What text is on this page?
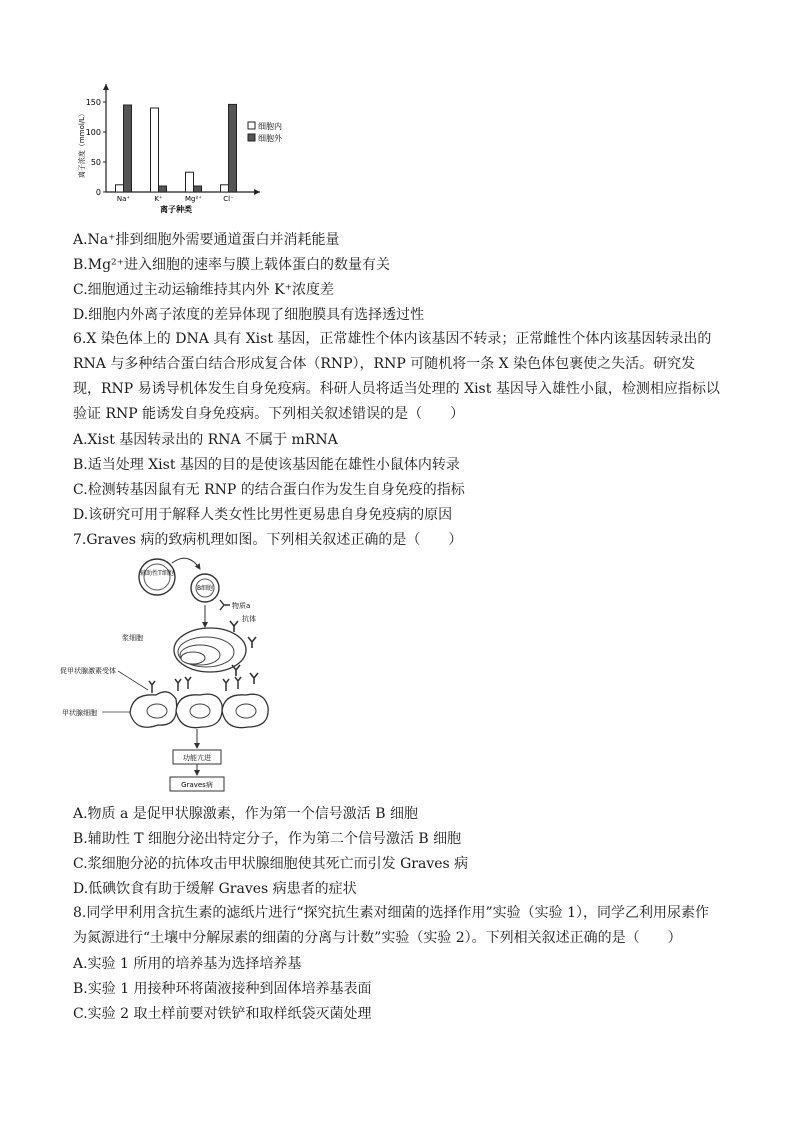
0
50
100
150
离子浓度（mmol/L）
Na⁺	K⁺	Mg²⁺	Cl⁻
离子种类
细胞内
细胞外
A.Na⁺排到细胞外需要通道蛋白并消耗能量
B.Mg²⁺进入细胞的速率与膜上载体蛋白的数量有关
C.细胞通过主动运输维持其内外 K⁺浓度差
D.细胞内外离子浓度的差异体现了细胞膜具有选择透过性
6.X 染色体上的 DNA 具有 Xist 基因，正常雄性个体内该基因不转录；正常雌性个体内该基因转录出的 RNA 与多种结合蛋白结合形成复合体（RNP），RNP 可随机将一条 X 染色体包裹使之失活。研究发现，RNP 易诱导机体发生自身免疫病。科研人员将适当处理的 Xist 基因导入雄性小鼠，检测相应指标以验证 RNP 能诱发自身免疫病。下列相关叙述错误的是（　　）
A.Xist 基因转录出的 RNA 不属于 mRNA
B.适当处理 Xist 基因的目的是使该基因能在雄性小鼠体内转录
C.检测转基因鼠有无 RNP 的结合蛋白作为发生自身免疫的指标
D.该研究可用于解释人类女性比男性更易患自身免疫病的原因
7.Graves 病的致病机理如图。下列相关叙述正确的是（　　）
辅助性T细胞
B细胞
物质a
浆细胞
抗体
促甲状腺激素受体
甲状腺细胞
功能亢进
Graves病
A.物质 a 是促甲状腺激素，作为第一个信号激活 B 细胞
B.辅助性 T 细胞分泌出特定分子，作为第二个信号激活 B 细胞
C.浆细胞分泌的抗体攻击甲状腺细胞使其死亡而引发 Graves 病
D.低碘饮食有助于缓解 Graves 病患者的症状
8.同学甲利用含抗生素的滤纸片进行“探究抗生素对细菌的选择作用”实验（实验 1），同学乙利用尿素作为氮源进行“土壤中分解尿素的细菌的分离与计数”实验（实验 2）。下列相关叙述正确的是（　　）
A.实验 1 所用的培养基为选择培养基
B.实验 1 用接种环将菌液接种到固体培养基表面
C.实验 2 取土样前要对铁铲和取样纸袋灭菌处理
